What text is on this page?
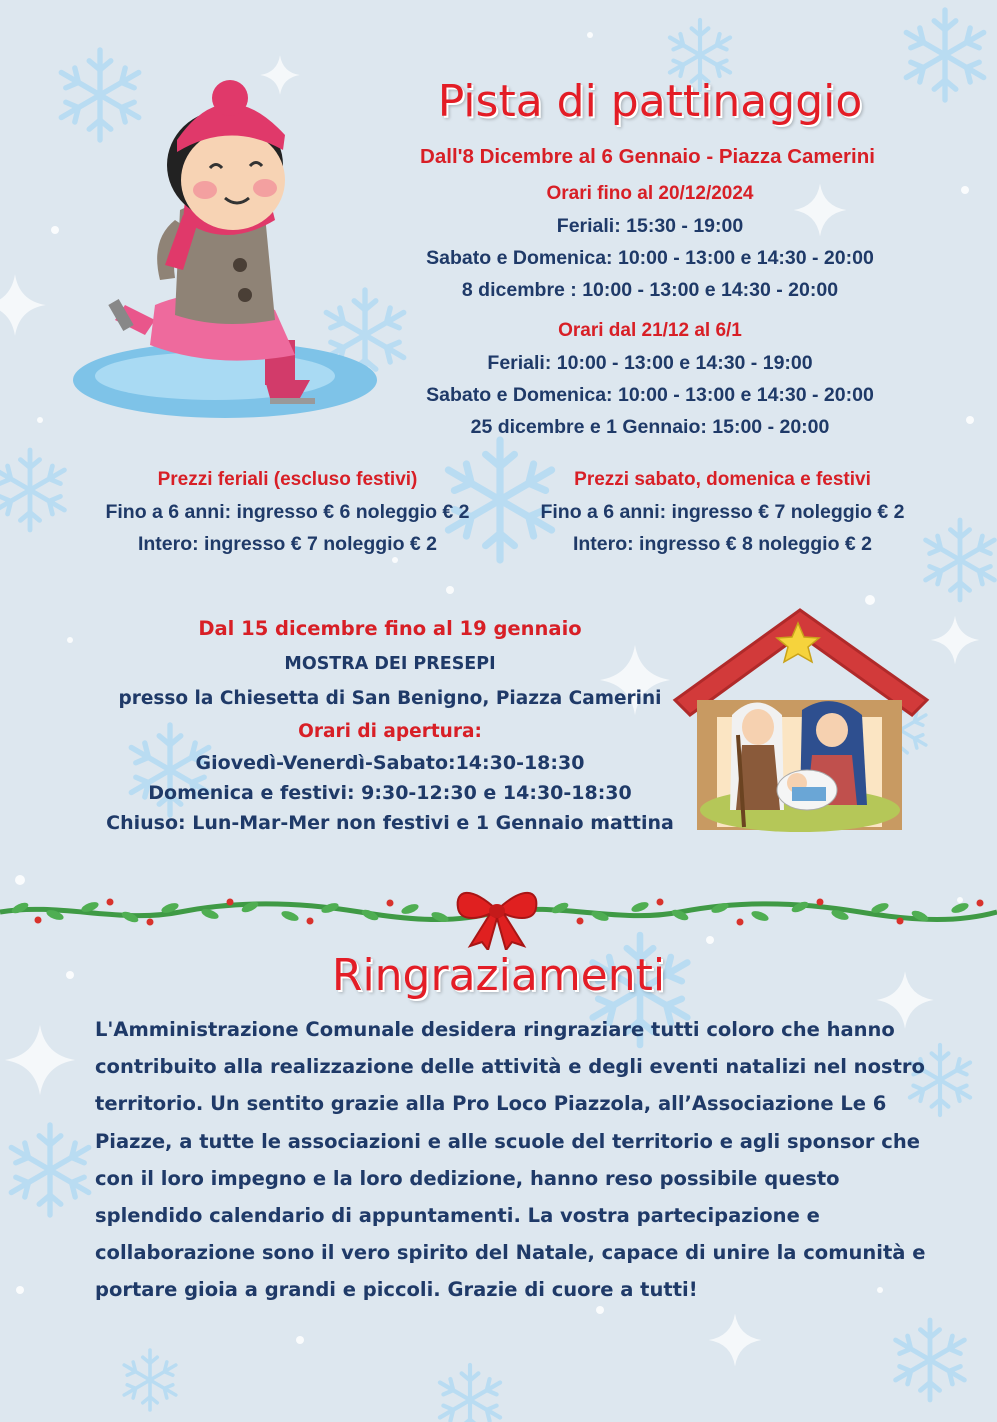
Pista di pattinaggio
Dall'8 Dicembre al 6 Gennaio - Piazza Camerini
Orari fino al 20/12/2024
Feriali: 15:30 - 19:00
Sabato e Domenica: 10:00 - 13:00 e 14:30 - 20:00
8 dicembre : 10:00 - 13:00 e 14:30 - 20:00
Orari dal 21/12 al 6/1
Feriali: 10:00 - 13:00 e 14:30 - 19:00
Sabato e Domenica: 10:00 - 13:00 e 14:30 - 20:00
25 dicembre e 1 Gennaio: 15:00 - 20:00
Prezzi feriali (escluso festivi)
Fino a 6 anni: ingresso € 6 noleggio € 2
Intero: ingresso € 7 noleggio € 2
Prezzi sabato, domenica e festivi
Fino a 6 anni: ingresso € 7 noleggio € 2
Intero: ingresso € 8 noleggio € 2
Dal 15 dicembre fino al 19 gennaio
MOSTRA DEI PRESEPI
presso la Chiesetta di San Benigno, Piazza Camerini
Orari di apertura:
Giovedì-Venerdì-Sabato:14:30-18:30
Domenica e festivi: 9:30-12:30 e 14:30-18:30
Chiuso: Lun-Mar-Mer non festivi e 1 Gennaio mattina
Ringraziamenti
L'Amministrazione Comunale desidera ringraziare tutti coloro che hanno
contribuito alla realizzazione delle attività e degli eventi natalizi nel nostro
territorio. Un sentito grazie alla Pro Loco Piazzola, all’Associazione Le 6
Piazze, a tutte le associazioni e alle scuole del territorio e agli sponsor che
con il loro impegno e la loro dedizione, hanno reso possibile questo
splendido calendario di appuntamenti. La vostra partecipazione e
collaborazione sono il vero spirito del Natale, capace di unire la comunità e
portare gioia a grandi e piccoli. Grazie di cuore a tutti!
